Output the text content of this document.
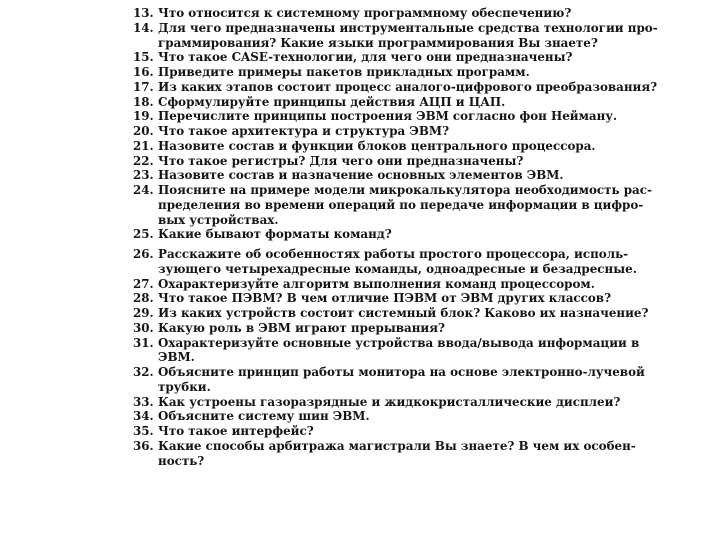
13. Что относится к системному программному обеспечению?
14. Для чего предназначены инструментальные средства технологии про-
граммирования? Какие языки программирования Вы знаете?
15. Что такое CASE-технологии, для чего они предназначены?
16. Приведите примеры пакетов прикладных программ.
17. Из каких этапов состоит процесс аналого-цифрового преобразования?
18. Сформулируйте принципы действия АЦП и ЦАП.
19. Перечислите принципы построения ЭВМ согласно фон Нейману.
20. Что такое архитектура и структура ЭВМ?
21. Назовите состав и функции блоков центрального процессора.
22. Что такое регистры? Для чего они предназначены?
23. Назовите состав и назначение основных элементов ЭВМ.
24. Поясните на примере модели микрокалькулятора необходимость рас-
пределения во времени операций по передаче информации в цифро-
вых устройствах.
25. Какие бывают форматы команд?
26. Расскажите об особенностях работы простого процессора, исполь-
зующего четырехадресные команды, одноадресные и безадресные.
27. Охарактеризуйте алгоритм выполнения команд процессором.
28. Что такое ПЭВМ? В чем отличие ПЭВМ от ЭВМ других классов?
29. Из каких устройств состоит системный блок? Каково их назначение?
30. Какую роль в ЭВМ играют прерывания?
31. Охарактеризуйте основные устройства ввода/вывода информации в
ЭВМ.
32. Объясните принцип работы монитора на основе электронно-лучевой
трубки.
33. Как устроены газоразрядные и жидкокристаллические дисплеи?
34. Объясните систему шин ЭВМ.
35. Что такое интерфейс?
36. Какие способы арбитража магистрали Вы знаете? В чем их особен-
ность?
